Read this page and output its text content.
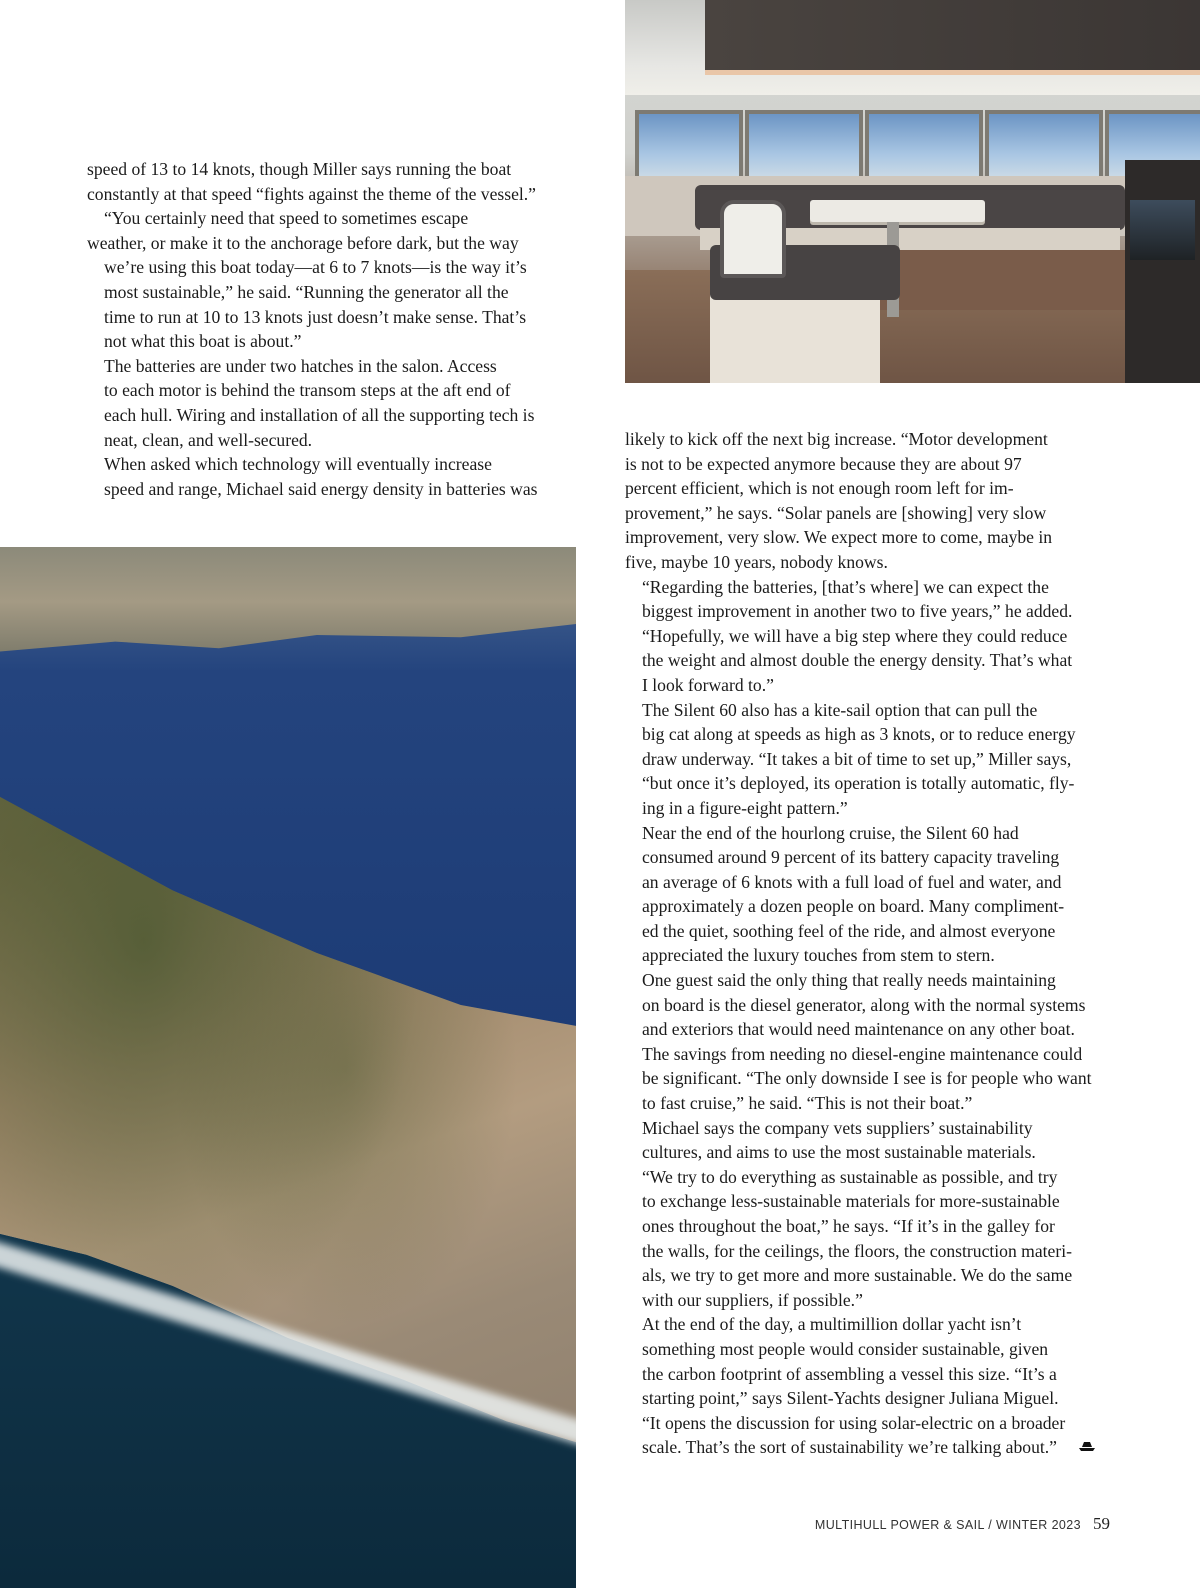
speed of 13 to 14 knots, though Miller says running the boat
constantly at that speed “fights against the theme of the vessel.”

“You certainly need that speed to sometimes escape
weather, or make it to the anchorage before dark, but the way
we’re using this boat today—at 6 to 7 knots—is the way it’s
most sustainable,” he said. “Running the generator all the
time to run at 10 to 13 knots just doesn’t make sense. That’s
not what this boat is about.”

The batteries are under two hatches in the salon. Access
to each motor is behind the transom steps at the aft end of
each hull. Wiring and installation of all the supporting tech is
neat, clean, and well-secured.

When asked which technology will eventually increase
speed and range, Michael said energy density in batteries was

likely to kick off the next big increase. “Motor development
is not to be expected anymore because they are about 97
percent efficient, which is not enough room left for im-
provement,” he says. “Solar panels are [showing] very slow
improvement, very slow. We expect more to come, maybe in
five, maybe 10 years, nobody knows.

“Regarding the batteries, [that’s where] we can expect the
biggest improvement in another two to five years,” he added.
“Hopefully, we will have a big step where they could reduce
the weight and almost double the energy density. That’s what
I look forward to.”

The Silent 60 also has a kite-sail option that can pull the
big cat along at speeds as high as 3 knots, or to reduce energy
draw underway. “It takes a bit of time to set up,” Miller says,
“but once it’s deployed, its operation is totally automatic, fly-
ing in a figure-eight pattern.”

Near the end of the hourlong cruise, the Silent 60 had
consumed around 9 percent of its battery capacity traveling
an average of 6 knots with a full load of fuel and water, and
approximately a dozen people on board. Many compliment-
ed the quiet, soothing feel of the ride, and almost everyone
appreciated the luxury touches from stem to stern.

One guest said the only thing that really needs maintaining
on board is the diesel generator, along with the normal systems
and exteriors that would need maintenance on any other boat.
The savings from needing no diesel-engine maintenance could
be significant. “The only downside I see is for people who want
to fast cruise,” he said. “This is not their boat.”

Michael says the company vets suppliers’ sustainability
cultures, and aims to use the most sustainable materials.
“We try to do everything as sustainable as possible, and try
to exchange less-sustainable materials for more-sustainable
ones throughout the boat,” he says. “If it’s in the galley for
the walls, for the ceilings, the floors, the construction materi-
als, we try to get more and more sustainable. We do the same
with our suppliers, if possible.”

At the end of the day, a multimillion dollar yacht isn’t
something most people would consider sustainable, given
the carbon footprint of assembling a vessel this size. “It’s a
starting point,” says Silent-Yachts designer Juliana Miguel.
“It opens the discussion for using solar-electric on a broader
scale. That’s the sort of sustainability we’re talking about.”

MULTIHULL POWER & SAIL / WINTER 2023 59
